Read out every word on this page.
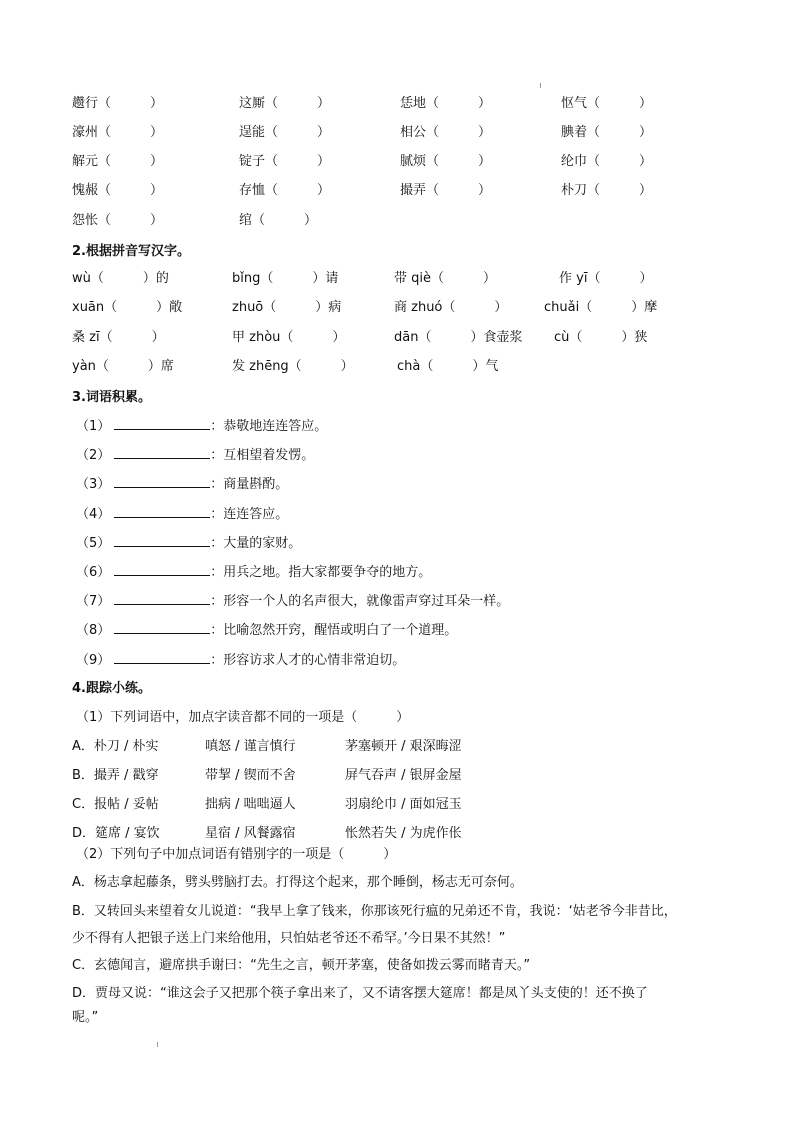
趱行（　　　）	这厮（　　　）	恁地（　　　）	怄气（　　　）
濠州（　　　）	逞能（　　　）	相公（　　　）	腆着（　　　）
解元（　　　）	锭子（　　　）	腻烦（　　　）	纶巾（　　　）
愧赧（　　　）	存恤（　　　）	撮弄（　　　）	朴刀（　　　）
怨怅（　　　）	绾（　　　）
2.根据拼音写汉字。
wù（　　　）的	bǐng（　　　）请	带 qiè（　　　）	作 yī（　　　）
xuān（　　　）敞	zhuō（　　　）病	商 zhuó（　　　）	chuǎi（　　　）摩
桑 zī（　　　）	甲 zhòu（　　　）	dān（　　　）食壶浆 cù（　　　）狭
yàn（　　　）席	发 zhēng（　　　）	chà（　　　）气
3.词语积累。
（1）	：恭敬地连连答应。
（2）	：互相望着发愣。
（3）	：商量斟酌。
（4）	：连连答应。
（5）	：大量的家财。
（6）	：用兵之地。指大家都要争夺的地方。
（7）	：形容一个人的名声很大，就像雷声穿过耳朵一样。
（8）	：比喻忽然开窍，醒悟或明白了一个道理。
（9）	：形容访求人才的心情非常迫切。
4.跟踪小练。
（1）下列词语中，加点字读音都不同的一项是（　　　）
A．朴刀 / 朴实	嗔怒 / 谨言慎行	茅塞顿开 / 艰深晦涩
B．撮弄 / 戳穿	带挈 / 锲而不舍	屏气吞声 / 银屏金屋
C．报帖 / 妥帖	拙病 / 咄咄逼人	羽扇纶巾 / 面如冠玉
D．筵席 / 宴饮	星宿 / 风餐露宿	怅然若失 / 为虎作伥
（2）下列句子中加点词语有错别字的一项是（　　　）
A．杨志拿起藤条，劈头劈脑打去。打得这个起来，那个睡倒，杨志无可奈何。
B．又转回头来望着女儿说道：“我早上拿了钱来，你那该死行瘟的兄弟还不肯，我说：‘姑老爷今非昔比，
少不得有人把银子送上门来给他用，只怕姑老爷还不希罕。’今日果不其然！”
C．玄德闻言，避席拱手谢曰：“先生之言，顿开茅塞，使备如拨云雾而睹青天。”
D．贾母又说：“谁这会子又把那个筷子拿出来了，又不请客摆大筵席！都是凤丫头支使的！还不换了
呢。”
